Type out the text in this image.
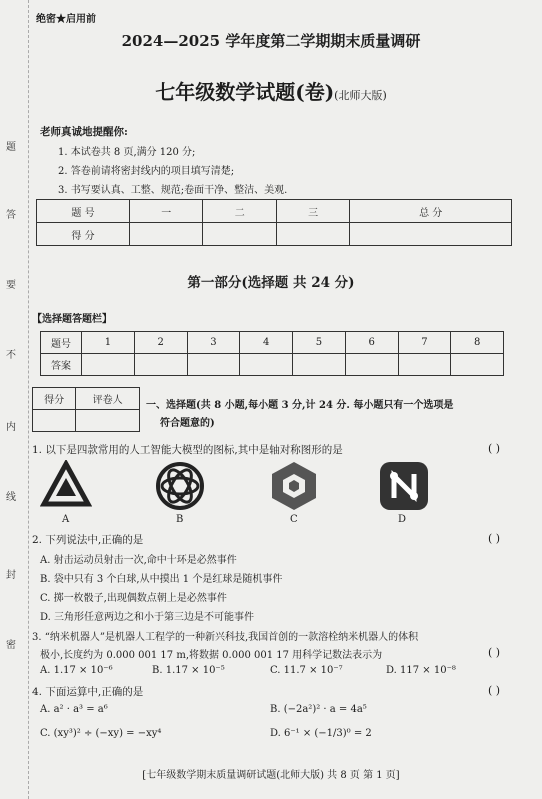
题
答
要
不
内
线
封
密
绝密★启用前
2024—2025 学年度第二学期期末质量调研
七年级数学试题(卷)(北师大版)
老师真诚地提醒你:
1. 本试卷共 8 页,满分 120 分;
2. 答卷前请将密封线内的项目填写清楚;
3. 书写要认真、工整、规范;卷面干净、整洁、美观.
题 号	一	二	三	总 分
得 分				
第一部分(选择题 共 24 分)
【选择题答题栏】
题号	1	2	3	4	5	6	7	8
答案								
得分	评卷人
	一、选择题(共 8 小题,每小题 3 分,计 24 分. 每小题只有一个选项是
符合题意的)
1. 以下是四款常用的人工智能大模型的图标,其中是轴对称图形的是	( )
A	B	C	D
2. 下列说法中,正确的是	( )
A. 射击运动员射击一次,命中十环是必然事件
B. 袋中只有 3 个白球,从中摸出 1 个是红球是随机事件
C. 掷一枚骰子,出现偶数点朝上是必然事件
D. 三角形任意两边之和小于第三边是不可能事件
3. “纳米机器人”是机器人工程学的一种新兴科技,我国首创的一款溶栓纳米机器人的体积
极小,长度约为 0.000 001 17 m,将数据 0.000 001 17 用科学记数法表示为	( )
A. 1.17 × 10⁻⁶	B. 1.17 × 10⁻⁵	C. 11.7 × 10⁻⁷	D. 117 × 10⁻⁸
4. 下面运算中,正确的是	( )
A. a² · a³ = a⁶	B. (−2a²)² · a = 4a⁵
C. (xy³)² ÷ (−xy) = −xy⁴	D. 6⁻¹ × (−1/3)⁰ = 2
[七年级数学期末质量调研试题(北师大版) 共 8 页 第 1 页]
